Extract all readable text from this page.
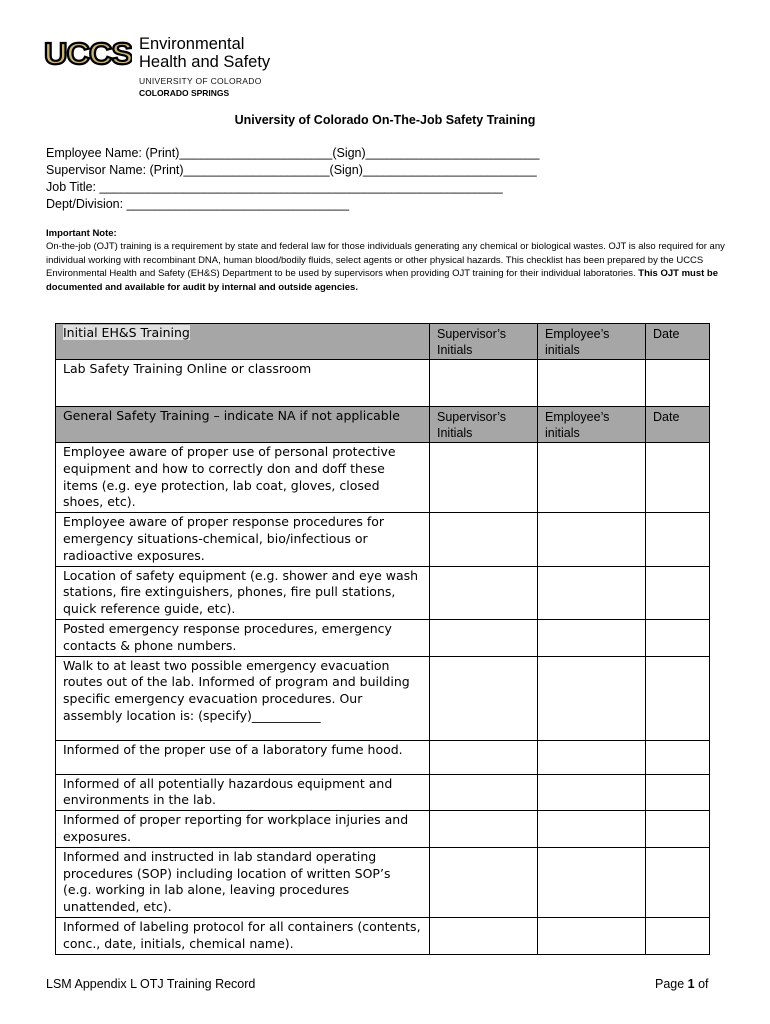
UCCS Environmental
Health and Safety
UNIVERSITY OF COLORADO
COLORADO SPRINGS
University of Colorado On-The-Job Safety Training
Employee Name: (Print)______________________(Sign)_________________________
Supervisor Name: (Print)_____________________(Sign)_________________________
Job Title: __________________________________________________________
Dept/Division: ________________________________
Important Note:
On-the-job (OJT) training is a requirement by state and federal law for those individuals generating any chemical or biological wastes. OJT is also required for any individual working with recombinant DNA, human blood/bodily fluids, select agents or other physical hazards. This checklist has been prepared by the UCCS Environmental Health and Safety (EH&S) Department to be used by supervisors when providing OJT training for their individual laboratories. This OJT must be documented and available for audit by internal and outside agencies.
Initial EH&S Training	Supervisor’s Initials	Employee’s initials	Date
Lab Safety Training Online or classroom			
General Safety Training – indicate NA if not applicable	Supervisor’s Initials	Employee’s initials	Date
Employee aware of proper use of personal protective equipment and how to correctly don and doff these items (e.g. eye protection, lab coat, gloves, closed shoes, etc).			
Employee aware of proper response procedures for emergency situations-chemical, bio/infectious or radioactive exposures.			
Location of safety equipment (e.g. shower and eye wash stations, fire extinguishers, phones, fire pull stations, quick reference guide, etc).			
Posted emergency response procedures, emergency contacts & phone numbers.			
Walk to at least two possible emergency evacuation routes out of the lab. Informed of program and building specific emergency evacuation procedures. Our assembly location is: (specify)___________			
Informed of the proper use of a laboratory fume hood.			
Informed of all potentially hazardous equipment and environments in the lab.			
Informed of proper reporting for workplace injuries and exposures.			
Informed and instructed in lab standard operating procedures (SOP) including location of written SOP’s (e.g. working in lab alone, leaving procedures unattended, etc).			
Informed of labeling protocol for all containers (contents, conc., date, initials, chemical name).			
LSM Appendix L OTJ Training Record	Page 1 of
